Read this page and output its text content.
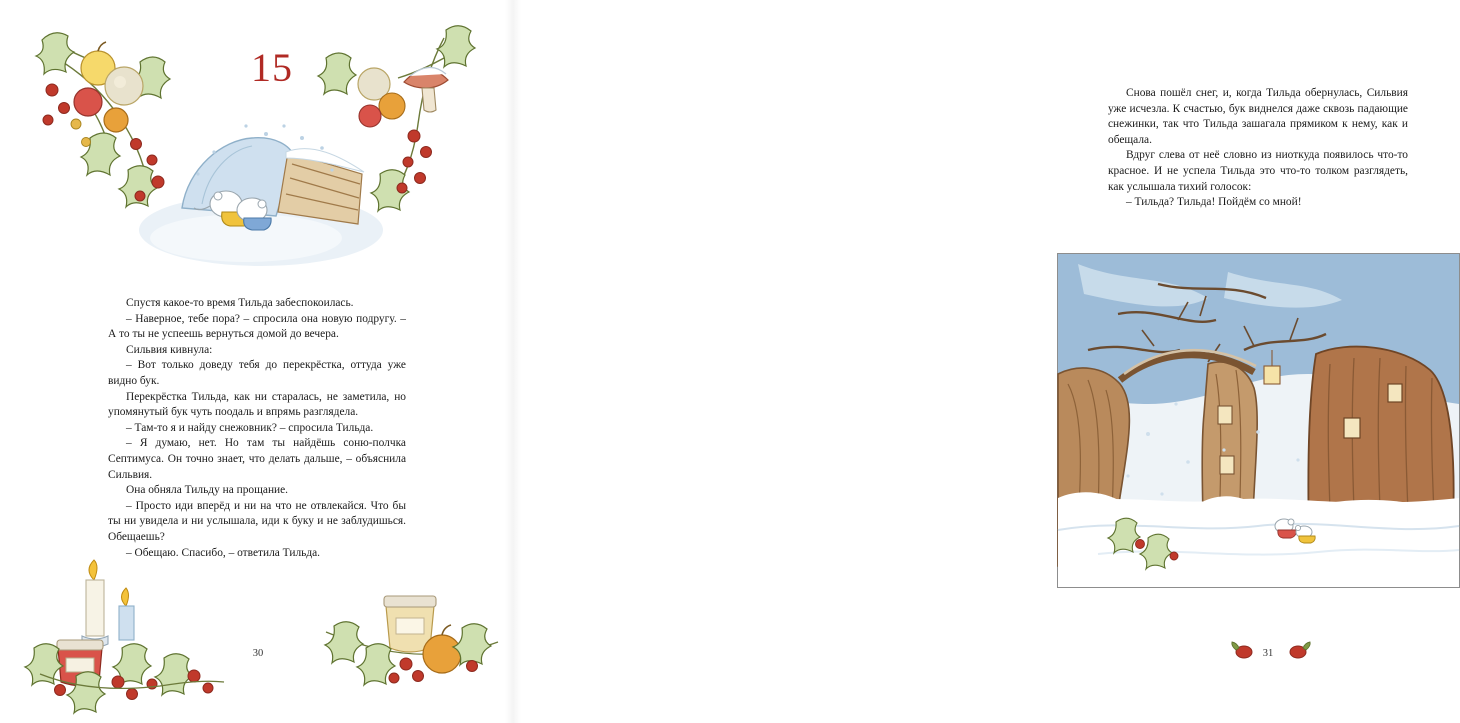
Спустя какое-то время Тильда забеспокоилась.

– Наверное, тебе пора? – спросила она новую подругу. – А то ты не успеешь вернуться домой до вечера.

Сильвия кивнула:

– Вот только доведу тебя до перекрёстка, оттуда уже видно бук.

Перекрёстка Тильда, как ни старалась, не заметила, но упомянутый бук чуть поодаль и впрямь разглядела.

– Там-то я и найду снежовник? – спросила Тильда.

– Я думаю, нет. Но там ты найдёшь соню-полчка Септимуса. Он точно знает, что делать дальше, – объяснила Сильвия.

Она обняла Тильду на прощание.

– Просто иди вперёд и ни на что не отвлекайся. Что бы ты ни увидела и ни услышала, иди к буку и не заблудишься. Обещаешь?

– Обещаю. Спасибо, – ответила Тильда.

15
30

Снова пошёл снег, и, когда Тильда обернулась, Сильвия уже исчезла. К счастью, бук виднелся даже сквозь падающие снежинки, так что Тильда зашагала прямиком к нему, как и обещала.

Вдруг слева от неё словно из ниоткуда появилось что-то красное. И не успела Тильда это что-то толком разглядеть, как услышала тихий голосок:

– Тильда? Тильда! Пойдём со мной!

31
